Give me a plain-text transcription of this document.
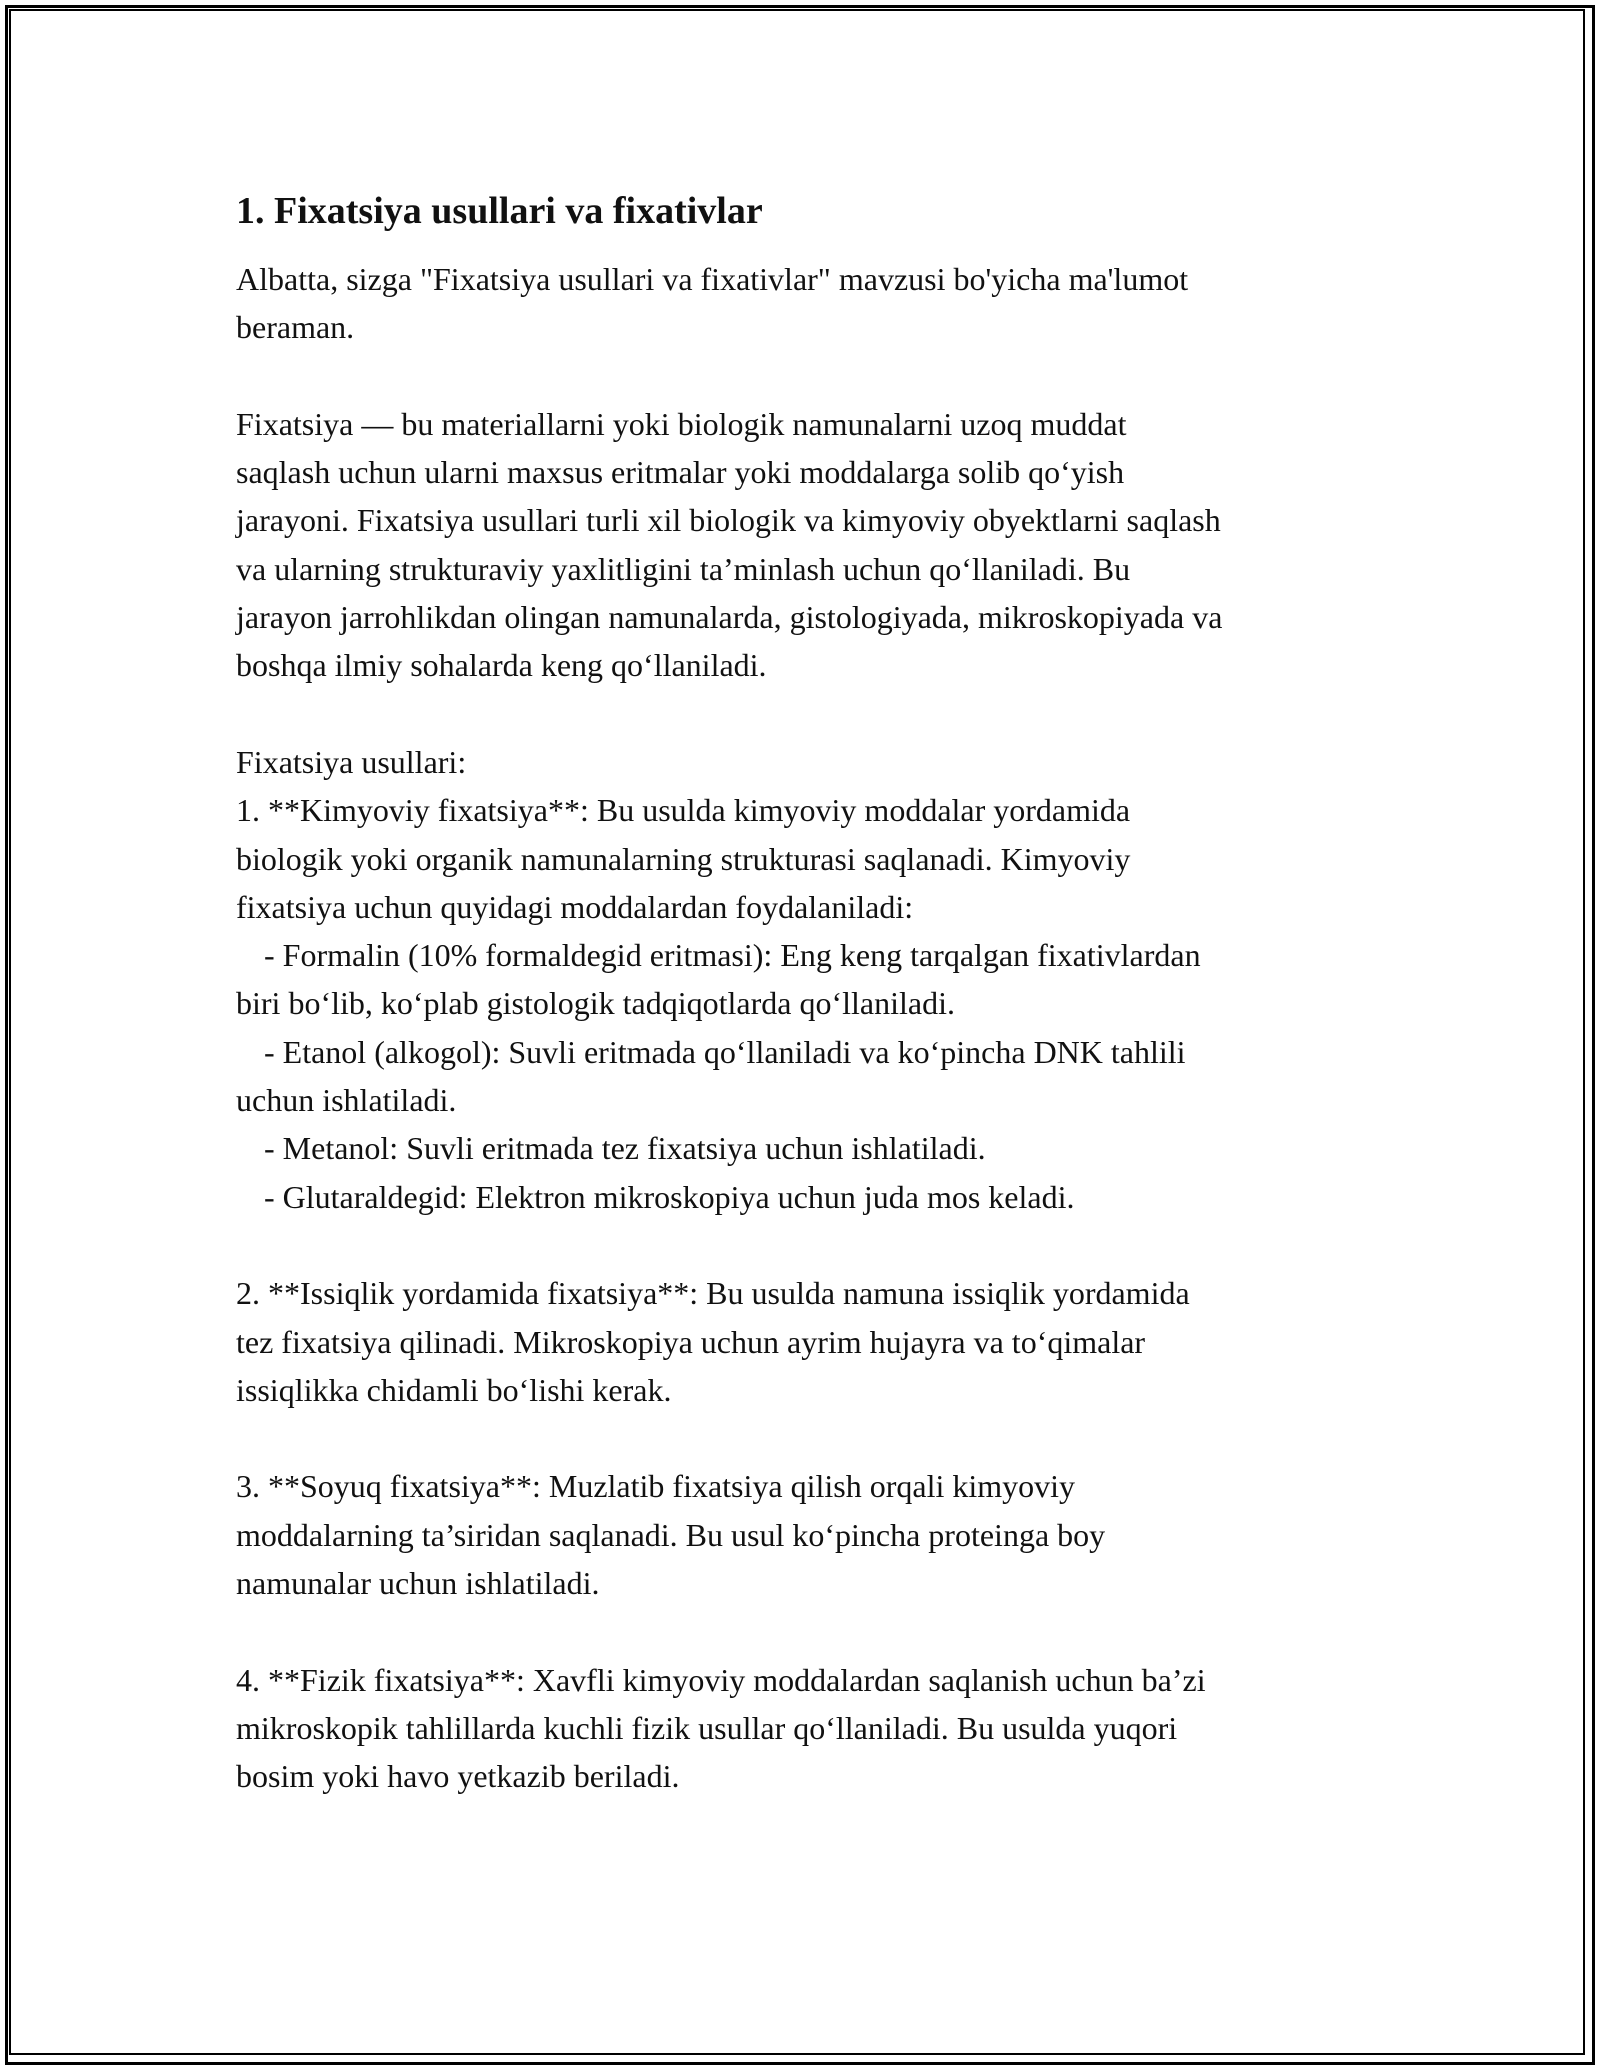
1. Fixatsiya usullari va fixativlar

Albatta, sizga "Fixatsiya usullari va fixativlar" mavzusi bo'yicha ma'lumot

beraman.

Fixatsiya — bu materiallarni yoki biologik namunalarni uzoq muddat

saqlash uchun ularni maxsus eritmalar yoki moddalarga solib qo‘yish

jarayoni. Fixatsiya usullari turli xil biologik va kimyoviy obyektlarni saqlash

va ularning strukturaviy yaxlitligini ta’minlash uchun qo‘llaniladi. Bu

jarayon jarrohlikdan olingan namunalarda, gistologiyada, mikroskopiyada va

boshqa ilmiy sohalarda keng qo‘llaniladi.

Fixatsiya usullari:

1. **Kimyoviy fixatsiya**: Bu usulda kimyoviy moddalar yordamida

biologik yoki organik namunalarning strukturasi saqlanadi. Kimyoviy

fixatsiya uchun quyidagi moddalardan foydalaniladi:

- Formalin (10% formaldegid eritmasi): Eng keng tarqalgan fixativlardan

biri bo‘lib, ko‘plab gistologik tadqiqotlarda qo‘llaniladi.

- Etanol (alkogol): Suvli eritmada qo‘llaniladi va ko‘pincha DNK tahlili

uchun ishlatiladi.

- Metanol: Suvli eritmada tez fixatsiya uchun ishlatiladi.

- Glutaraldegid: Elektron mikroskopiya uchun juda mos keladi.

2. **Issiqlik yordamida fixatsiya**: Bu usulda namuna issiqlik yordamida

tez fixatsiya qilinadi. Mikroskopiya uchun ayrim hujayra va to‘qimalar

issiqlikka chidamli bo‘lishi kerak.

3. **Soyuq fixatsiya**: Muzlatib fixatsiya qilish orqali kimyoviy

moddalarning ta’siridan saqlanadi. Bu usul ko‘pincha proteinga boy

namunalar uchun ishlatiladi.

4. **Fizik fixatsiya**: Xavfli kimyoviy moddalardan saqlanish uchun ba’zi

mikroskopik tahlillarda kuchli fizik usullar qo‘llaniladi. Bu usulda yuqori

bosim yoki havo yetkazib beriladi.
